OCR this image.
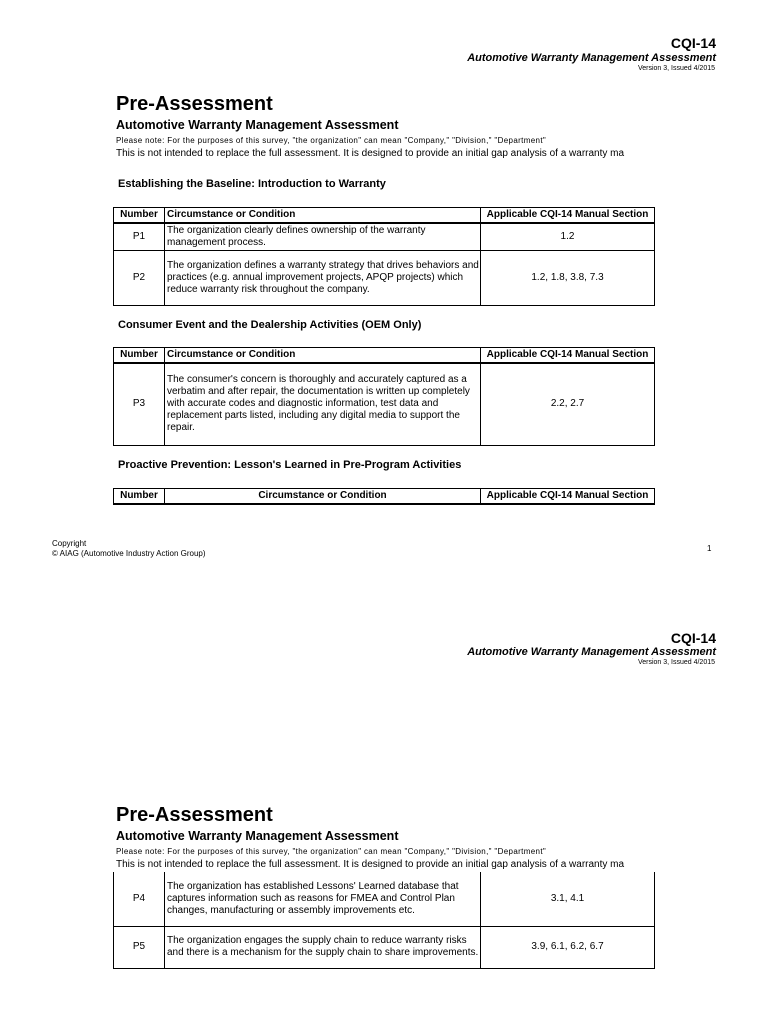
CQI-14
Automotive Warranty Management Assessment
Version 3, Issued 4/2015
Pre-Assessment
Automotive Warranty Management Assessment
Please note: For the purposes of this survey, "the organization" can mean "Company," "Division," "Department"
This is not intended to replace the full assessment. It is designed to provide an initial gap analysis of a warranty ma
Establishing the Baseline: Introduction to Warranty
Number	Circumstance or Condition	Applicable CQI-14 Manual Section
P1	The organization clearly defines ownership of the warranty management process.	1.2
P2	The organization defines a warranty strategy that drives behaviors and practices (e.g. annual improvement projects, APQP projects) which reduce warranty risk throughout the company.	1.2, 1.8, 3.8, 7.3
Consumer Event and the Dealership Activities (OEM Only)
Number	Circumstance or Condition	Applicable CQI-14 Manual Section
P3	The consumer's concern is thoroughly and accurately captured as a verbatim and after repair, the documentation is written up completely with accurate codes and diagnostic information, test data and replacement parts listed, including any digital media to support the repair.	2.2, 2.7
Proactive Prevention: Lesson's Learned in Pre-Program Activities
Number	Circumstance or Condition	Applicable CQI-14 Manual Section
Copyright
© AIAG (Automotive Industry Action Group)
1
CQI-14
Automotive Warranty Management Assessment
Version 3, Issued 4/2015
Pre-Assessment
Automotive Warranty Management Assessment
Please note: For the purposes of this survey, "the organization" can mean "Company," "Division," "Department"
This is not intended to replace the full assessment. It is designed to provide an initial gap analysis of a warranty ma
P4	The organization has established Lessons' Learned database that captures information such as reasons for FMEA and Control Plan changes, manufacturing or assembly improvements etc.	3.1, 4.1
P5	The organization engages the supply chain to reduce warranty risks and there is a mechanism for the supply chain to share improvements.	3.9, 6.1, 6.2, 6.7
